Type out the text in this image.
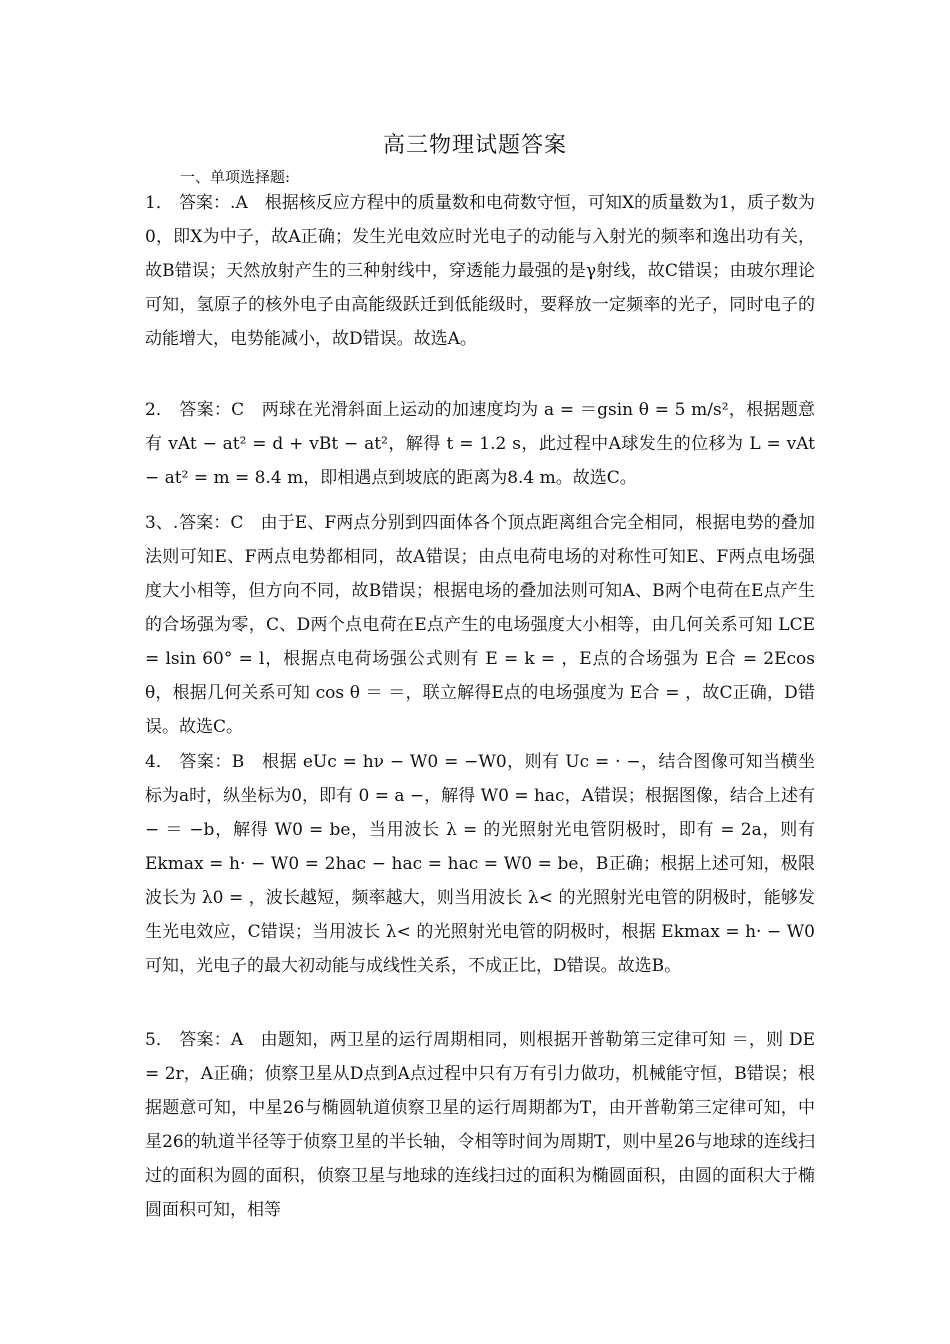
高三物理试题答案

一、单项选择题:

1． 答案：.A　根据核反应方程中的质量数和电荷数守恒，可知X的质量数为1，质子数为0，即X为中子，故A正确；发生光电效应时光电子的动能与入射光的频率和逸出功有关，故B错误；天然放射产生的三种射线中，穿透能力最强的是γ射线，故C错误；由玻尔理论可知，氢原子的核外电子由高能级跃迁到低能级时，要释放一定频率的光子，同时电子的动能增大，电势能减小，故D错误。故选A。

2． 答案：C　两球在光滑斜面上运动的加速度均为 a = ＝gsin θ = 5 m/s²，根据题意有 vAt − at² = d + vBt − at²，解得 t = 1.2 s，此过程中A球发生的位移为 L = vAt − at² = m = 8.4 m，即相遇点到坡底的距离为8.4 m。故选C。

3、.答案：C　由于E、F两点分别到四面体各个顶点距离组合完全相同，根据电势的叠加法则可知E、F两点电势都相同，故A错误；由点电荷电场的对称性可知E、F两点电场强度大小相等，但方向不同，故B错误；根据电场的叠加法则可知A、B两个电荷在E点产生的合场强为零，C、D两个点电荷在E点产生的电场强度大小相等，由几何关系可知 LCE = lsin 60° = l，根据点电荷场强公式则有 E = k = ，E点的合场强为 E合 = 2Ecos θ，根据几何关系可知 cos θ ＝ ＝，联立解得E点的电场强度为 E合 = ，故C正确，D错误。故选C。

4． 答案：B　根据 eUc = hν − W0 = −W0，则有 Uc = · −，结合图像可知当横坐标为a时，纵坐标为0，即有 0 = a −，解得 W0 = hac，A错误；根据图像，结合上述有 − ＝ −b，解得 W0 = be，当用波长 λ = 的光照射光电管阴极时，即有 = 2a，则有 Ekmax = h· − W0 = 2hac − hac = hac = W0 = be，B正确；根据上述可知，极限波长为 λ0 = ，波长越短，频率越大，则当用波长 λ< 的光照射光电管的阴极时，能够发生光电效应，C错误；当用波长 λ< 的光照射光电管的阴极时，根据 Ekmax = h· − W0 可知，光电子的最大初动能与成线性关系，不成正比，D错误。故选B。

5． 答案：A　由题知，两卫星的运行周期相同，则根据开普勒第三定律可知 ＝，则 DE = 2r，A正确；侦察卫星从D点到A点过程中只有万有引力做功，机械能守恒，B错误；根据题意可知，中星26与椭圆轨道侦察卫星的运行周期都为T，由开普勒第三定律可知，中星26的轨道半径等于侦察卫星的半长轴，令相等时间为周期T，则中星26与地球的连线扫过的面积为圆的面积，侦察卫星与地球的连线扫过的面积为椭圆面积，由圆的面积大于椭圆面积可知，相等
